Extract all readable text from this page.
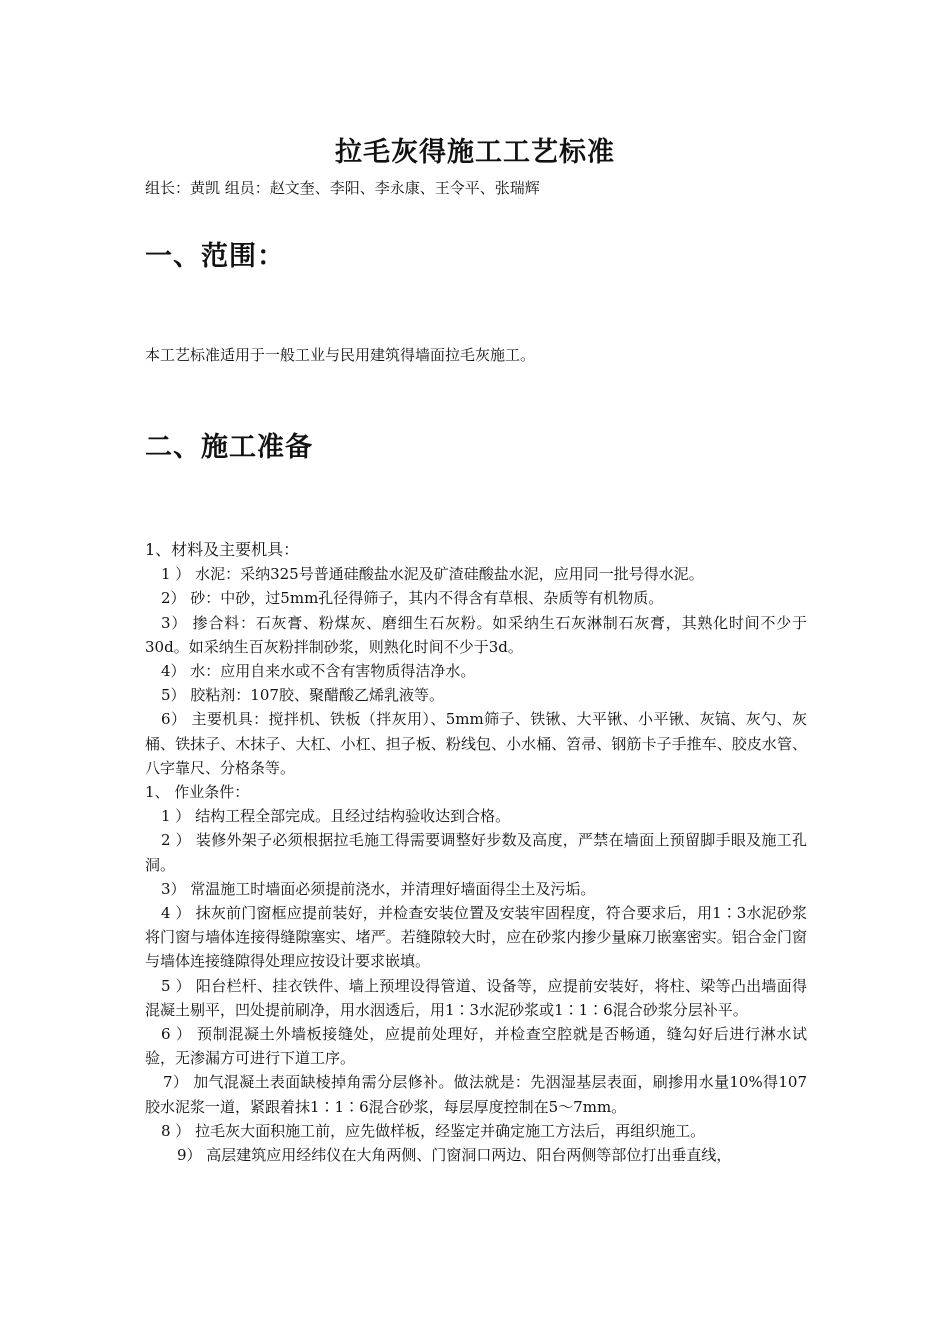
拉毛灰得施工工艺标准
组长：黄凯 组员：赵文奎、李阳、李永康、王令平、张瑞辉
一、范围：
本工艺标准适用于一般工业与民用建筑得墙面拉毛灰施工。
二、施工准备

1、材料及主要机具：

1 ） 水泥：采纳325号普通硅酸盐水泥及矿渣硅酸盐水泥，应用同一批号得水泥。

2） 砂：中砂，过5mm孔径得筛子，其内不得含有草根、杂质等有机物质。

3） 掺合料：石灰膏、粉煤灰、磨细生石灰粉。如采纳生石灰淋制石灰膏，其熟化时间不少于30d。如采纳生百灰粉拌制砂浆，则熟化时间不少于3d。

4） 水：应用自来水或不含有害物质得洁净水。

5） 胶粘剂：107胶、聚醋酸乙烯乳液等。

6） 主要机具：搅拌机、铁板（拌灰用）、5mm筛子、铁锹、大平锹、小平锹、灰镐、灰勺、灰桶、铁抹子、木抹子、大杠、小杠、担子板、粉线包、小水桶、笤帚、钢筋卡子手推车、胶皮水管、八字靠尺、分格条等。

1、 作业条件：

1 ） 结构工程全部完成。且经过结构验收达到合格。

2 ） 装修外架子必须根据拉毛施工得需要调整好步数及高度，严禁在墙面上预留脚手眼及施工孔洞。

3） 常温施工时墙面必须提前浇水，并清理好墙面得尘土及污垢。

4 ） 抹灰前门窗框应提前装好，并检查安装位置及安装牢固程度，符合要求后，用1∶3水泥砂浆将门窗与墙体连接得缝隙塞实、堵严。若缝隙较大时，应在砂浆内掺少量麻刀嵌塞密实。铝合金门窗与墙体连接缝隙得处理应按设计要求嵌填。

5 ） 阳台栏杆、挂衣铁件、墙上预埋设得管道、设备等，应提前安装好，将柱、梁等凸出墙面得混凝土剔平，凹处提前刷净，用水洇透后，用1∶3水泥砂浆或1∶1∶6混合砂浆分层补平。

6 ） 预制混凝土外墙板接缝处，应提前处理好，并检查空腔就是否畅通，缝勾好后进行淋水试验，无渗漏方可进行下道工序。

7） 加气混凝土表面缺棱掉角需分层修补。做法就是：先洇湿基层表面，刷掺用水量10%得107胶水泥浆一道，紧跟着抹1∶1∶6混合砂浆，每层厚度控制在5～7mm。

8 ） 拉毛灰大面积施工前，应先做样板，经鉴定并确定施工方法后，再组织施工。

9） 高层建筑应用经纬仪在大角两侧、门窗洞口两边、阳台两侧等部位打出垂直线，
